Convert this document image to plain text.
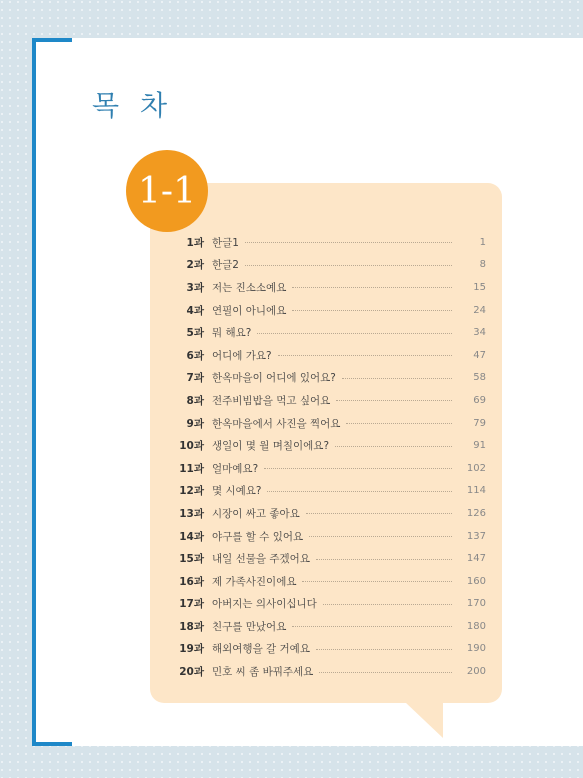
목 차
1-1
1과 한글1	1
2과 한글2	8
3과 저는 진소소예요	15
4과 연필이 아니에요	24
5과 뭐 해요?	34
6과 어디에 가요?	47
7과 한옥마을이 어디에 있어요?	58
8과 전주비빔밥을 먹고 싶어요	69
9과 한옥마을에서 사진을 찍어요	79
10과 생일이 몇 월 며칠이에요?	91
11과 얼마예요?	102
12과 몇 시예요?	114
13과 시장이 싸고 좋아요	126
14과 야구를 할 수 있어요	137
15과 내일 선물을 주겠어요	147
16과 제 가족사진이에요	160
17과 아버지는 의사이십니다	170
18과 친구를 만났어요	180
19과 해외여행을 갈 거예요	190
20과 민호 씨 좀 바꿔주세요	200
